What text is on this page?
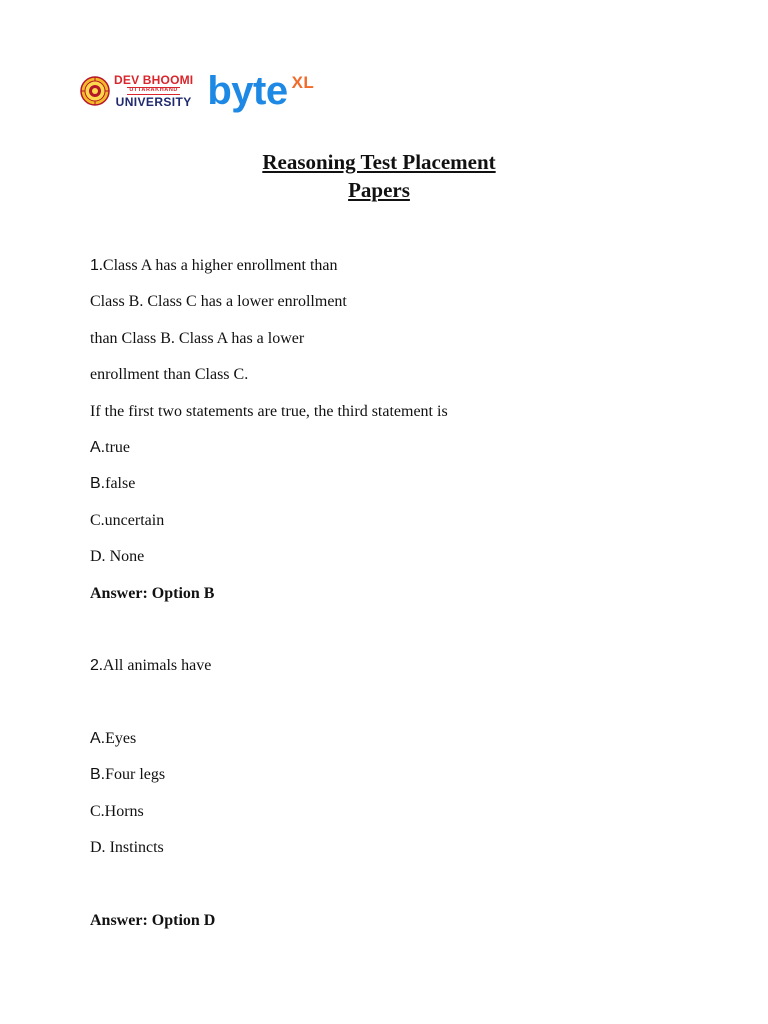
DEV BHOOMI
UTTARAKHAND
UNIVERSITY byte XL
Reasoning Test Placement
Papers
1.Class A has a higher enrollment than
Class B. Class C has a lower enrollment
than Class B. Class A has a lower
enrollment than Class C.
If the first two statements are true, the third statement is
A.true
B.false
C.uncertain
D. None
Answer: Option B
2.All animals have
A.Eyes
B.Four legs
C.Horns
D. Instincts
Answer: Option D
